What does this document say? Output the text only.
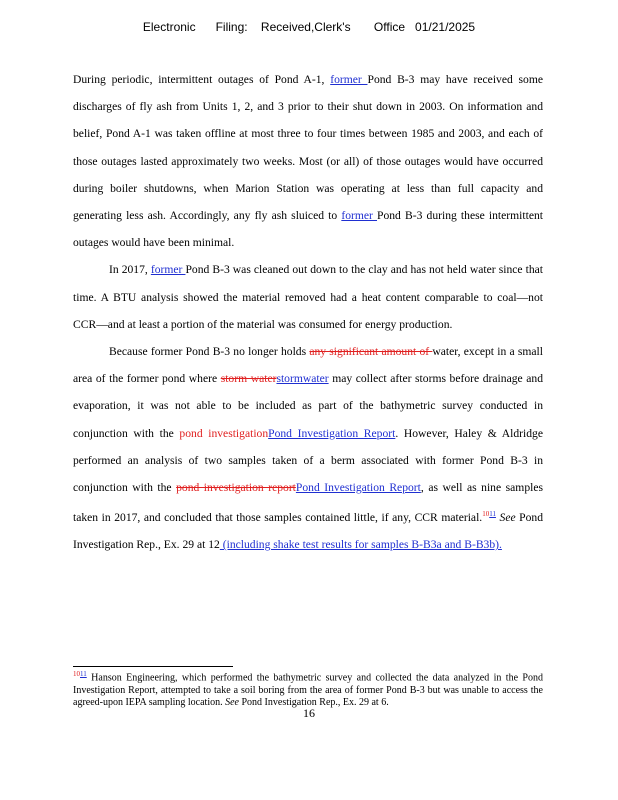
Electronic      Filing:    Received,Clerk's       Office   01/21/2025

During periodic, intermittent outages of Pond A-1, former Pond B-3 may have received some discharges of fly ash from Units 1, 2, and 3 prior to their shut down in 2003. On information and belief, Pond A-1 was taken offline at most three to four times between 1985 and 2003, and each of those outages lasted approximately two weeks. Most (or all) of those outages would have occurred during boiler shutdowns, when Marion Station was operating at less than full capacity and generating less ash. Accordingly, any fly ash sluiced to former Pond B-3 during these intermittent outages would have been minimal.

In 2017, former Pond B-3 was cleaned out down to the clay and has not held water since that time. A BTU analysis showed the material removed had a heat content comparable to coal—not CCR—and at least a portion of the material was consumed for energy production.

Because former Pond B-3 no longer holds any significant amount of water, except in a small area of the former pond where storm waterstormwater may collect after storms before drainage and evaporation, it was not able to be included as part of the bathymetric survey conducted in conjunction with the pond investigationPond Investigation Report. However, Haley & Aldridge performed an analysis of two samples taken of a berm associated with former Pond B-3 in conjunction with the pond investigation reportPond Investigation Report, as well as nine samples taken in 2017, and concluded that those samples contained little, if any, CCR material.$^{1011}$ See Pond Investigation Rep., Ex. 29 at 12 (including shake test results for samples B-B3a and B-B3b).

$^{1011}$ Hanson Engineering, which performed the bathymetric survey and collected the data analyzed in the Pond Investigation Report, attempted to take a soil boring from the area of former Pond B-3 but was unable to access the agreed-upon IEPA sampling location. See Pond Investigation Rep., Ex. 29 at 6.
16
